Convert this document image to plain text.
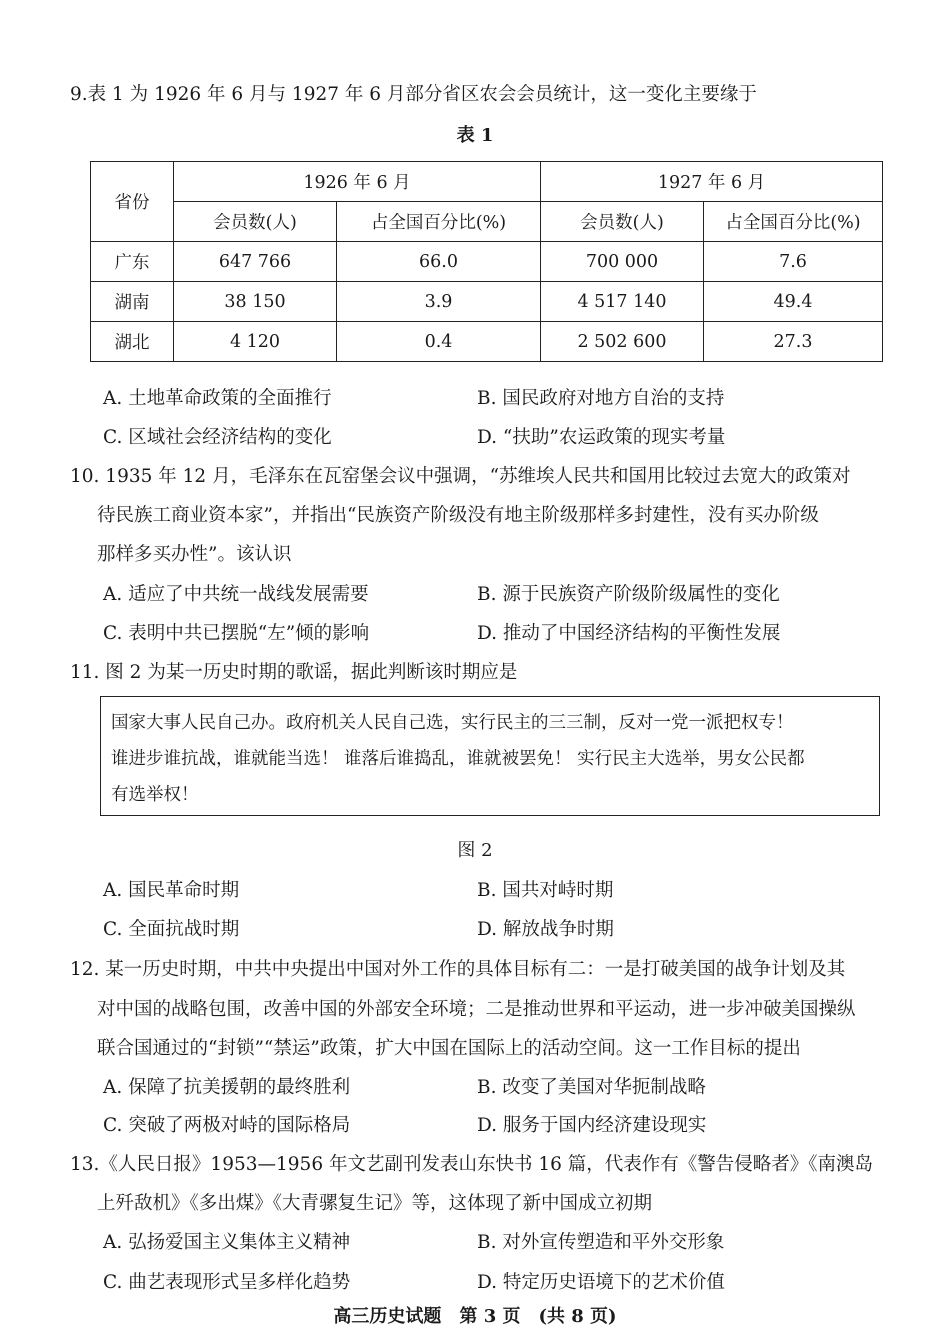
9.表 1 为 1926 年 6 月与 1927 年 6 月部分省区农会会员统计，这一变化主要缘于
表 1
省份	1926 年 6 月		1927 年 6 月	
	会员数(人)	占全国百分比(%)	会员数(人)	占全国百分比(%)
广东	647 766	66.0	700 000	7.6
湖南	38 150	3.9	4 517 140	49.4
湖北	4 120	0.4	2 502 600	27.3
A. 土地革命政策的全面推行	B. 国民政府对地方自治的支持
C. 区域社会经济结构的变化	D. “扶助”农运政策的现实考量
10. 1935 年 12 月，毛泽东在瓦窑堡会议中强调，“苏维埃人民共和国用比较过去宽大的政策对
待民族工商业资本家”，并指出“民族资产阶级没有地主阶级那样多封建性，没有买办阶级
那样多买办性”。该认识
A. 适应了中共统一战线发展需要	B. 源于民族资产阶级阶级属性的变化
C. 表明中共已摆脱“左”倾的影响	D. 推动了中国经济结构的平衡性发展
11. 图 2 为某一历史时期的歌谣，据此判断该时期应是
国家大事人民自己办。政府机关人民自己选，实行民主的三三制，反对一党一派把权专！
谁进步谁抗战，谁就能当选！ 谁落后谁捣乱，谁就被罢免！ 实行民主大选举，男女公民都
有选举权！
图 2
A. 国民革命时期	B. 国共对峙时期
C. 全面抗战时期	D. 解放战争时期
12. 某一历史时期，中共中央提出中国对外工作的具体目标有二：一是打破美国的战争计划及其
对中国的战略包围，改善中国的外部安全环境；二是推动世界和平运动，进一步冲破美国操纵
联合国通过的“封锁”“禁运”政策，扩大中国在国际上的活动空间。这一工作目标的提出
A. 保障了抗美援朝的最终胜利	B. 改变了美国对华扼制战略
C. 突破了两极对峙的国际格局	D. 服务于国内经济建设现实
13.《人民日报》1953—1956 年文艺副刊发表山东快书 16 篇，代表作有《警告侵略者》《南澳岛
上歼敌机》《多出煤》《大青骡复生记》等，这体现了新中国成立初期
A. 弘扬爱国主义集体主义精神	B. 对外宣传塑造和平外交形象
C. 曲艺表现形式呈多样化趋势	D. 特定历史语境下的艺术价值
高三历史试题　第 3 页　(共 8 页)
